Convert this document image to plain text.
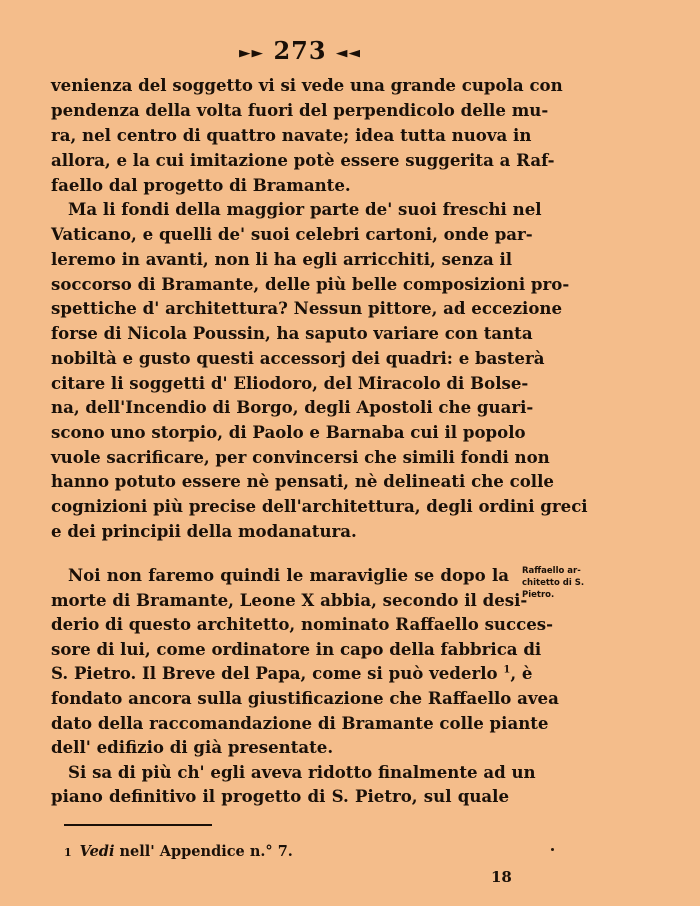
►► 273 ◄◄
venienza del soggetto vi si vede una grande cupola con
pendenza della volta fuori del perpendicolo delle mu-
ra, nel centro di quattro navate; idea tutta nuova in
allora, e la cui imitazione potè essere suggerita a Raf-
faello dal progetto di Bramante.
Ma li fondi della maggior parte de' suoi freschi nel
Vaticano, e quelli de' suoi celebri cartoni, onde par-
leremo in avanti, non li ha egli arricchiti, senza il
soccorso di Bramante, delle più belle composizioni pro-
spettiche d' architettura? Nessun pittore, ad eccezione
forse di Nicola Poussin, ha saputo variare con tanta
nobiltà e gusto questi accessorj dei quadri: e basterà
citare li soggetti d' Eliodoro, del Miracolo di Bolse-
na, dell'Incendio di Borgo, degli Apostoli che guari-
scono uno storpio, di Paolo e Barnaba cui il popolo
vuole sacrificare, per convincersi che simili fondi non
hanno potuto essere nè pensati, nè delineati che colle
cognizioni più precise dell'architettura, degli ordini greci
e dei principii della modanatura.
Noi non faremo quindi le maraviglie se dopo la
morte di Bramante, Leone X abbia, secondo il desi-
derio di questo architetto, nominato Raffaello succes-
sore di lui, come ordinatore in capo della fabbrica di
S. Pietro. Il Breve del Papa, come si può vederlo $^1$, è
fondato ancora sulla giustificazione che Raffaello avea
dato della raccomandazione di Bramante colle piante
dell' edifizio di già presentate.
Si sa di più ch' egli aveva ridotto finalmente ad un
piano definitivo il progetto di S. Pietro, sul quale
Raffaello ar-
chitetto di S.
Pietro.
1 Vedi nell' Appendice n.° 7.
18
